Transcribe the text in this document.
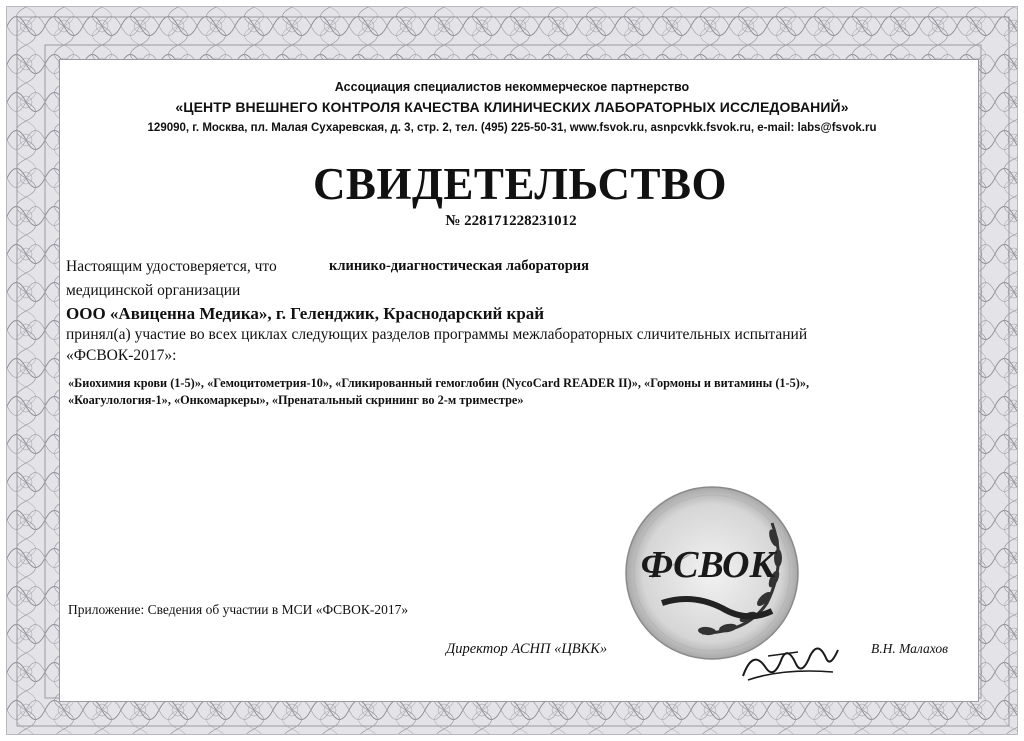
Ассоциация специалистов некоммерческое партнерство
«ЦЕНТР ВНЕШНЕГО КОНТРОЛЯ КАЧЕСТВА КЛИНИЧЕСКИХ ЛАБОРАТОРНЫХ ИССЛЕДОВАНИЙ»
129090, г. Москва, пл. Малая Сухаревская, д. 3, стр. 2, тел. (495) 225-50-31, www.fsvok.ru, asnpcvkk.fsvok.ru, e-mail: labs@fsvok.ru
СВИДЕТЕЛЬСТВО
№ 228171228231012
Настоящим удостоверяется, что	клинико-диагностическая лаборатория
медицинской организации
ООО «Авиценна Медика», г. Геленджик, Краснодарский край
принял(а) участие во всех циклах следующих разделов программы межлабораторных сличительных испытаний
«ФСВОК-2017»:
«Биохимия крови (1-5)», «Гемоцитометрия-10», «Гликированный гемоглобин (NycoCard READER II)», «Гормоны и витамины (1-5)»,
«Коагулология-1», «Онкомаркеры», «Пренатальный скрининг во 2-м триместре»
Приложение: Сведения об участии в МСИ «ФСВОК-2017»
ФСВОК
Директор АСНП «ЦВКК»	В.Н. Малахов
